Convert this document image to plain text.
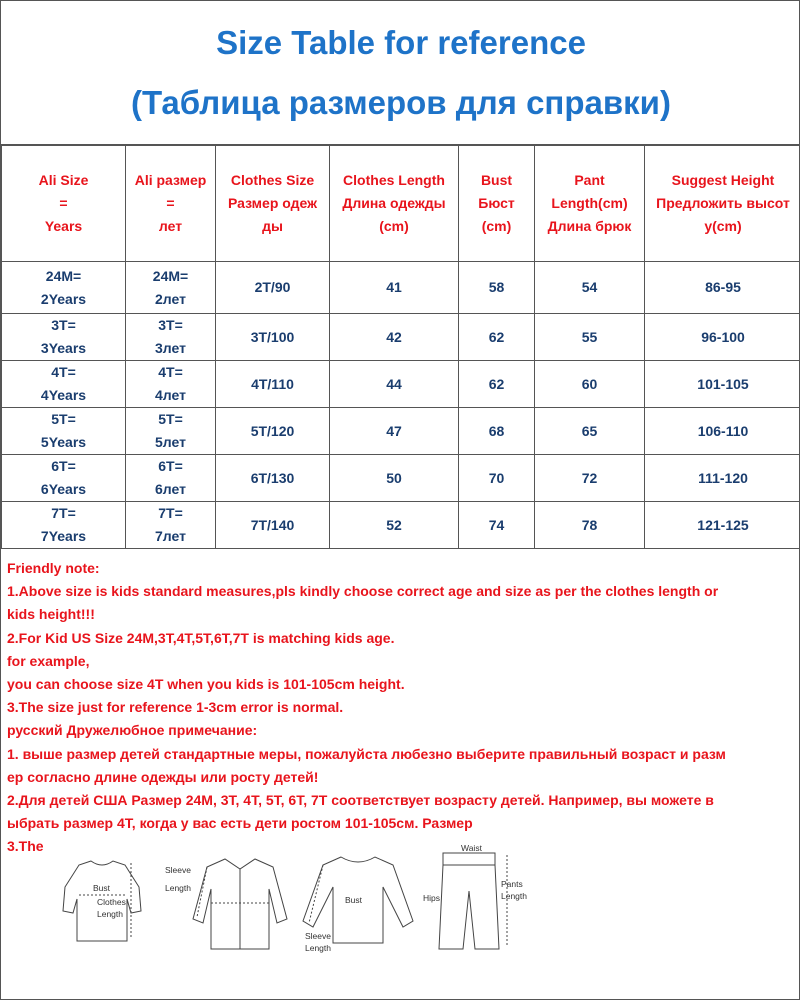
Size Table for reference
(Таблица размеров для справки)
Ali Size
=
Years	Ali размер
=
лет	Clothes Size
Размер одеж
ды	Clothes Length
Длина одежды
(cm)	Bust
Бюст
(cm)	Pant
Length(cm)
Длина брюк	Suggest Height
Предложить высот
у(cm)

24M=
2Years	24M=
2лет	2T/90	41	58	54	86-95

3T=
3Years	3T=
3лет	3T/100	42	62	55	96-100

4T=
4Years	4T=
4лет	4T/110	44	62	60	101-105

5T=
5Years	5T=
5лет	5T/120	47	68	65	106-110

6T=
6Years	6T=
6лет	6T/130	50	70	72	111-120

7T=
7Years	7T=
7лет	7T/140	52	74	78	121-125
Friendly note:
1.Above size is kids standard measures,pls kindly choose correct age and size as per the clothes length or
kids height!!!
2.For Kid US Size 24M,3T,4T,5T,6T,7T is matching kids age.
for example,
you can choose size 4T when you kids is 101-105cm height.
3.The size just for reference 1-3cm error is normal.
русский Дружелюбное примечание:
1. выше размер детей стандартные меры, пожалуйста любезно выберите правильный возраст и разм
ер согласно длине одежды или росту детей!
2.Для детей США Размер 24M, 3T, 4T, 5T, 6T, 7T соответствует возрасту детей. Например, вы можете в
ыбрать размер 4T, когда у вас есть дети ростом 101-105см. Размер
3.The
Bust
Clothes
Length
Sleeve
Length
Bust
Sleeve
Length
Waist
Hips
Pants
Length
